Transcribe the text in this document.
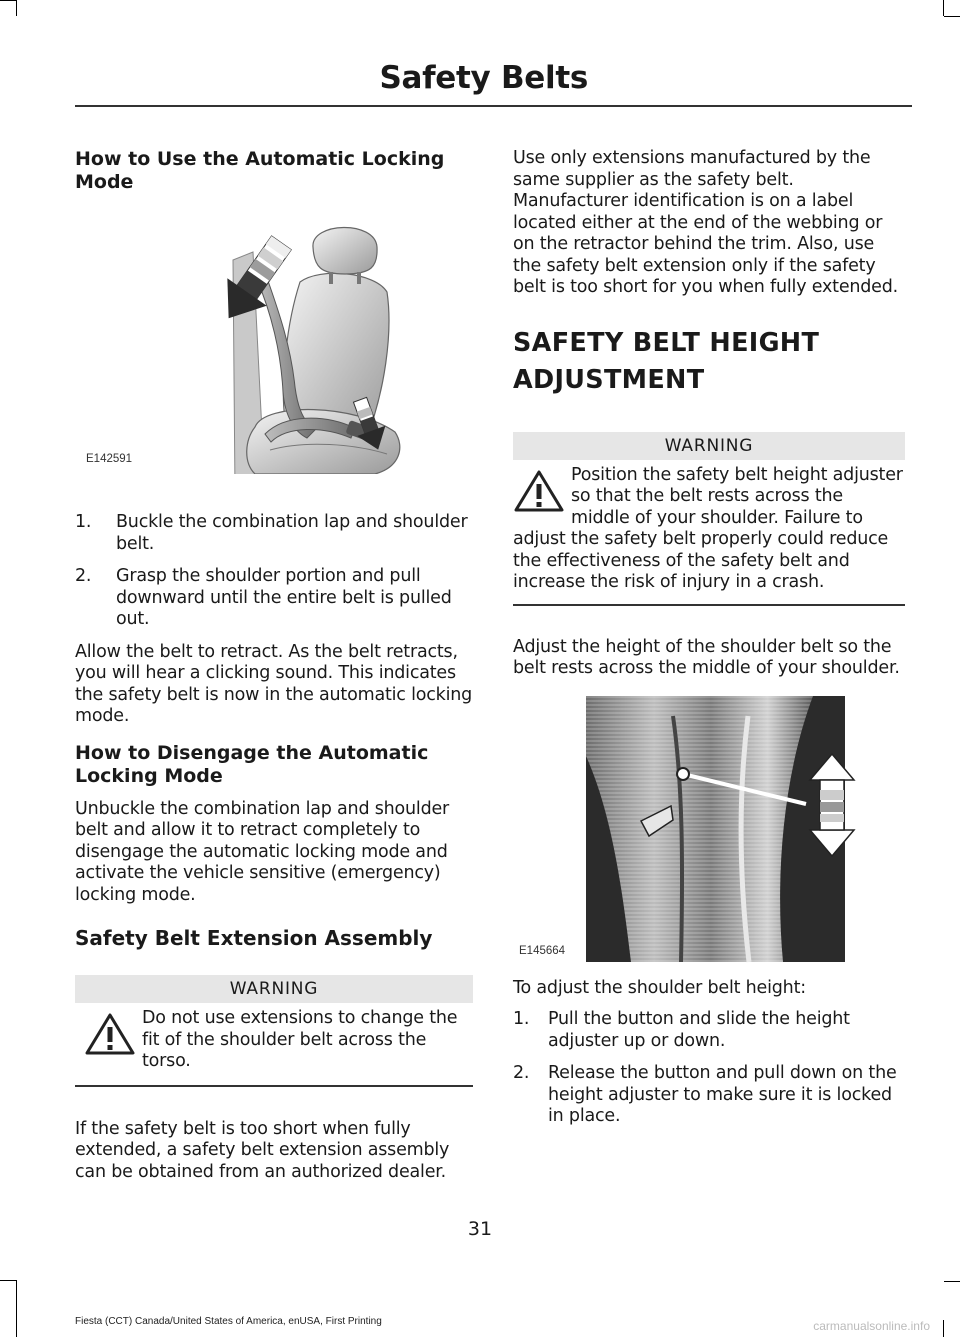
Safety Belts
How to Use the Automatic Locking Mode
E142591
1. Buckle the combination lap and shoulder belt.
2. Grasp the shoulder portion and pull downward until the entire belt is pulled out.

Allow the belt to retract. As the belt retracts, you will hear a clicking sound. This indicates the safety belt is now in the automatic locking mode.

How to Disengage the Automatic Locking Mode

Unbuckle the combination lap and shoulder belt and allow it to retract completely to disengage the automatic locking mode and activate the vehicle sensitive (emergency) locking mode.

Safety Belt Extension Assembly
WARNING
Do not use extensions to change the fit of the shoulder belt across the torso.

If the safety belt is too short when fully extended, a safety belt extension assembly can be obtained from an authorized dealer.

Use only extensions manufactured by the same supplier as the safety belt. Manufacturer identification is on a label located either at the end of the webbing or on the retractor behind the trim. Also, use the safety belt extension only if the safety belt is too short for you when fully extended.

SAFETY BELT HEIGHT
ADJUSTMENT
WARNING
Position the safety belt height adjuster so that the belt rests across the middle of your shoulder. Failure to adjust the safety belt properly could reduce the effectiveness of the safety belt and increase the risk of injury in a crash.

Adjust the height of the shoulder belt so the belt rests across the middle of your shoulder.

E145664

To adjust the shoulder belt height:

1. Pull the button and slide the height adjuster up or down.
2. Release the button and pull down on the height adjuster to make sure it is locked in place.
31
Fiesta (CCT) Canada/United States of America, enUSA, First Printing	carmanualsonline.info
